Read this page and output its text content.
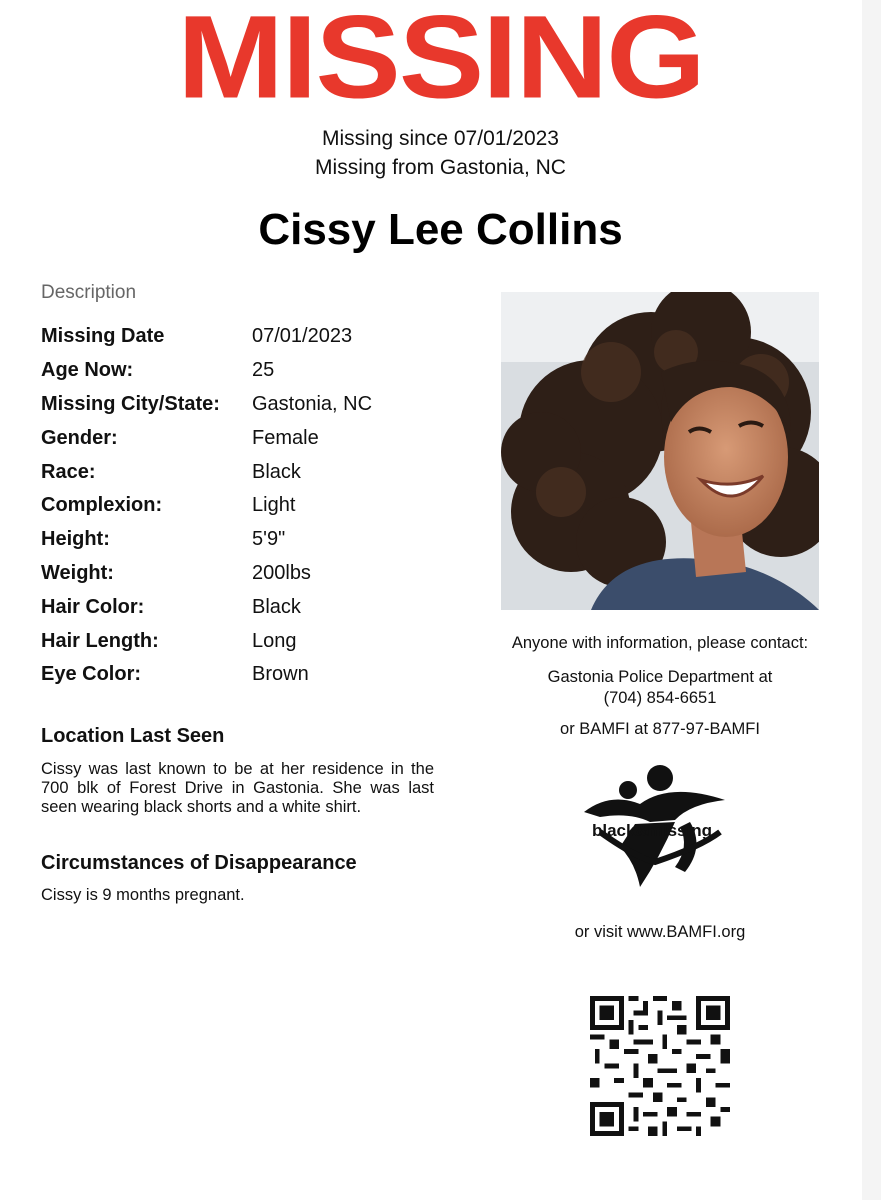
MISSING
Missing since 07/01/2023
Missing from Gastonia, NC
Cissy Lee Collins
Description
Missing Date	07/01/2023
Age Now:	25
Missing City/State:	Gastonia, NC
Gender:	Female
Race:	Black
Complexion:	Light
Height:	5'9"
Weight:	200lbs
Hair Color:	Black
Hair Length:	Long
Eye Color:	Brown
Location Last Seen
Cissy was last known to be at her residence in the 700 blk of Forest Drive in Gastonia. She was last seen wearing black shorts and a white shirt.
Circumstances of Disappearance
Cissy is 9 months pregnant.
Anyone with information, please contact:
Gastonia Police Department at
(704) 854-6651
or BAMFI at 877-97-BAMFI
black&missing
or visit www.BAMFI.org
